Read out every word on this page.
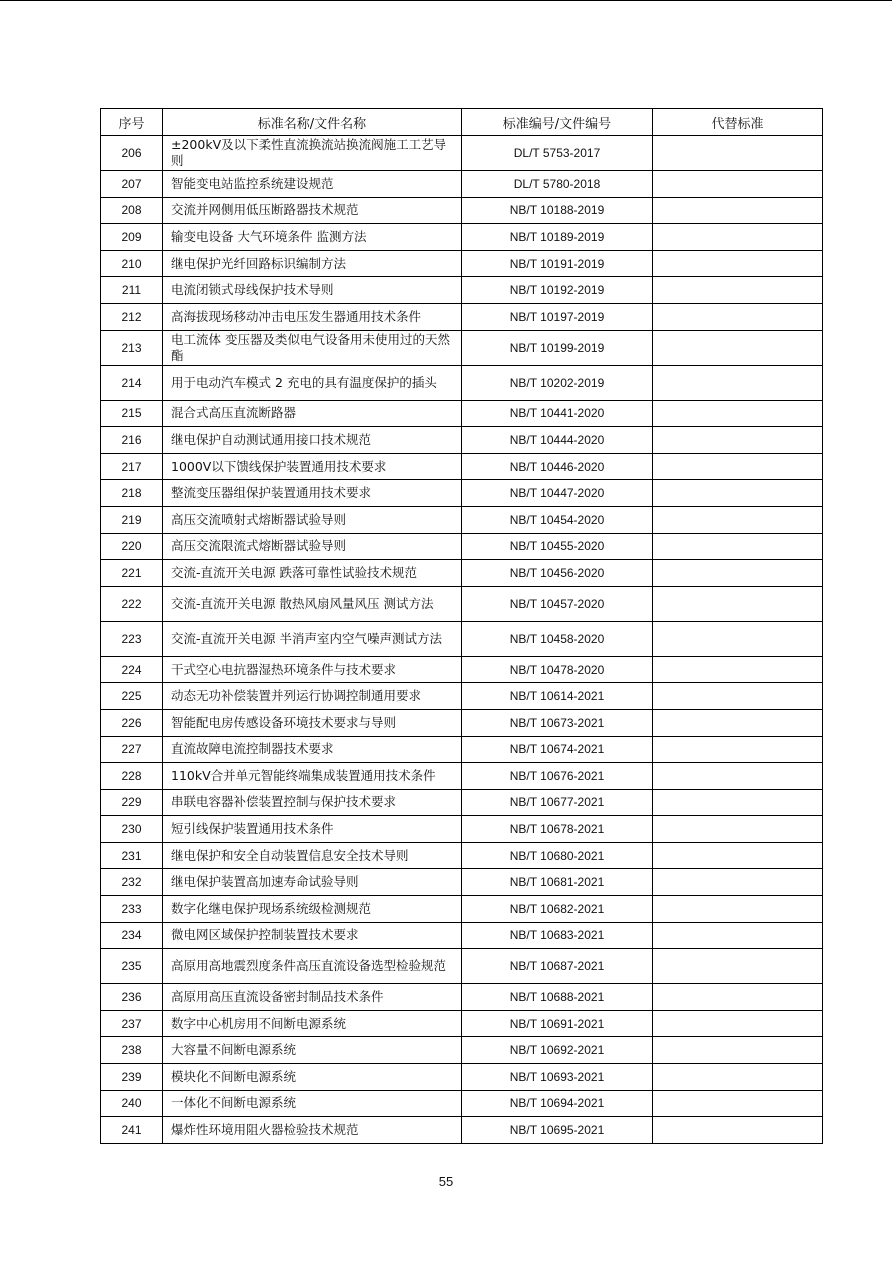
序号	标准名称/文件名称	标准编号/文件编号	代替标准
206	±200kV及以下柔性直流换流站换流阀施工工艺导则	DL/T 5753-2017	
207	智能变电站监控系统建设规范	DL/T 5780-2018	
208	交流并网侧用低压断路器技术规范	NB/T 10188-2019	
209	输变电设备 大气环境条件 监测方法	NB/T 10189-2019	
210	继电保护光纤回路标识编制方法	NB/T 10191-2019	
211	电流闭锁式母线保护技术导则	NB/T 10192-2019	
212	高海拔现场移动冲击电压发生器通用技术条件	NB/T 10197-2019	
213	电工流体 变压器及类似电气设备用未使用过的天然酯	NB/T 10199-2019	
214	用于电动汽车模式 2 充电的具有温度保护的插头	NB/T 10202-2019	
215	混合式高压直流断路器	NB/T 10441-2020	
216	继电保护自动测试通用接口技术规范	NB/T 10444-2020	
217	1000V以下馈线保护装置通用技术要求	NB/T 10446-2020	
218	整流变压器组保护装置通用技术要求	NB/T 10447-2020	
219	高压交流喷射式熔断器试验导则	NB/T 10454-2020	
220	高压交流限流式熔断器试验导则	NB/T 10455-2020	
221	交流-直流开关电源 跌落可靠性试验技术规范	NB/T 10456-2020	
222	交流-直流开关电源 散热风扇风量风压 测试方法	NB/T 10457-2020	
223	交流-直流开关电源 半消声室内空气噪声测试方法	NB/T 10458-2020	
224	干式空心电抗器湿热环境条件与技术要求	NB/T 10478-2020	
225	动态无功补偿装置并列运行协调控制通用要求	NB/T 10614-2021	
226	智能配电房传感设备环境技术要求与导则	NB/T 10673-2021	
227	直流故障电流控制器技术要求	NB/T 10674-2021	
228	110kV合并单元智能终端集成装置通用技术条件	NB/T 10676-2021	
229	串联电容器补偿装置控制与保护技术要求	NB/T 10677-2021	
230	短引线保护装置通用技术条件	NB/T 10678-2021	
231	继电保护和安全自动装置信息安全技术导则	NB/T 10680-2021	
232	继电保护装置高加速寿命试验导则	NB/T 10681-2021	
233	数字化继电保护现场系统级检测规范	NB/T 10682-2021	
234	微电网区域保护控制装置技术要求	NB/T 10683-2021	
235	高原用高地震烈度条件高压直流设备选型检验规范	NB/T 10687-2021	
236	高原用高压直流设备密封制品技术条件	NB/T 10688-2021	
237	数字中心机房用不间断电源系统	NB/T 10691-2021	
238	大容量不间断电源系统	NB/T 10692-2021	
239	模块化不间断电源系统	NB/T 10693-2021	
240	一体化不间断电源系统	NB/T 10694-2021	
241	爆炸性环境用阻火器检验技术规范	NB/T 10695-2021	
55
